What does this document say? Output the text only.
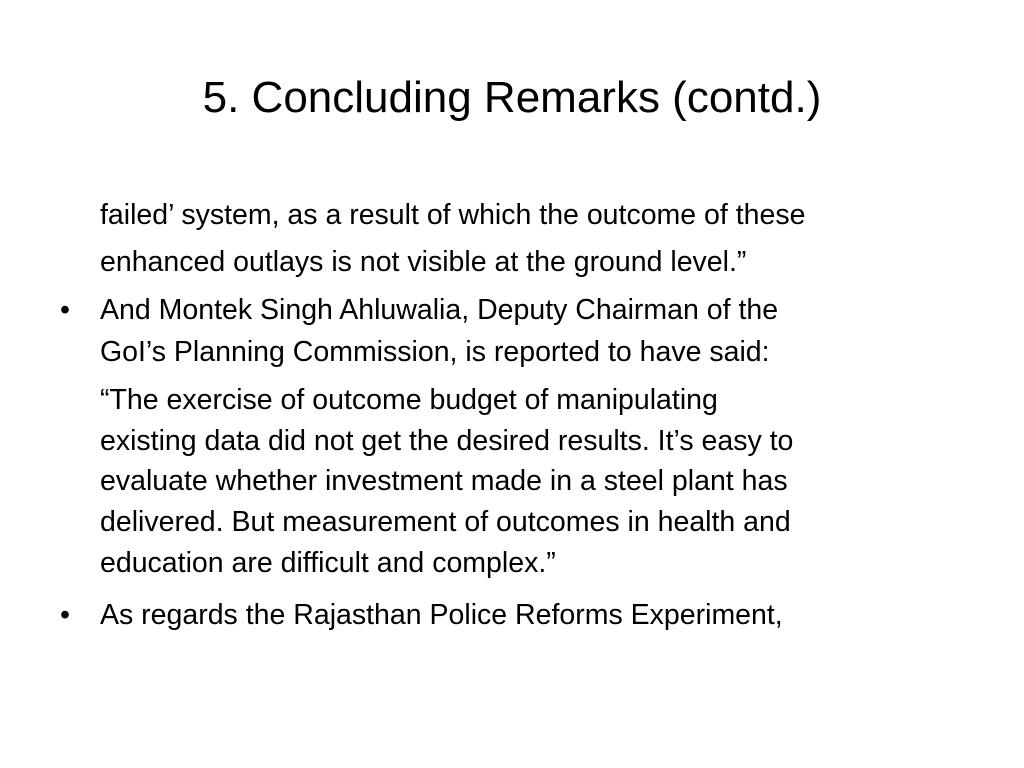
5. Concluding Remarks (contd.)
failed’ system, as a result of which the outcome of these
enhanced outlays is not visible at the ground level.”
• And Montek Singh Ahluwalia, Deputy Chairman of the
GoI’s Planning Commission, is reported to have said:
“The exercise of outcome budget of manipulating
existing data did not get the desired results. It’s easy to
evaluate whether investment made in a steel plant has
delivered. But measurement of outcomes in health and
education are difficult and complex.”
• As regards the Rajasthan Police Reforms Experiment,
